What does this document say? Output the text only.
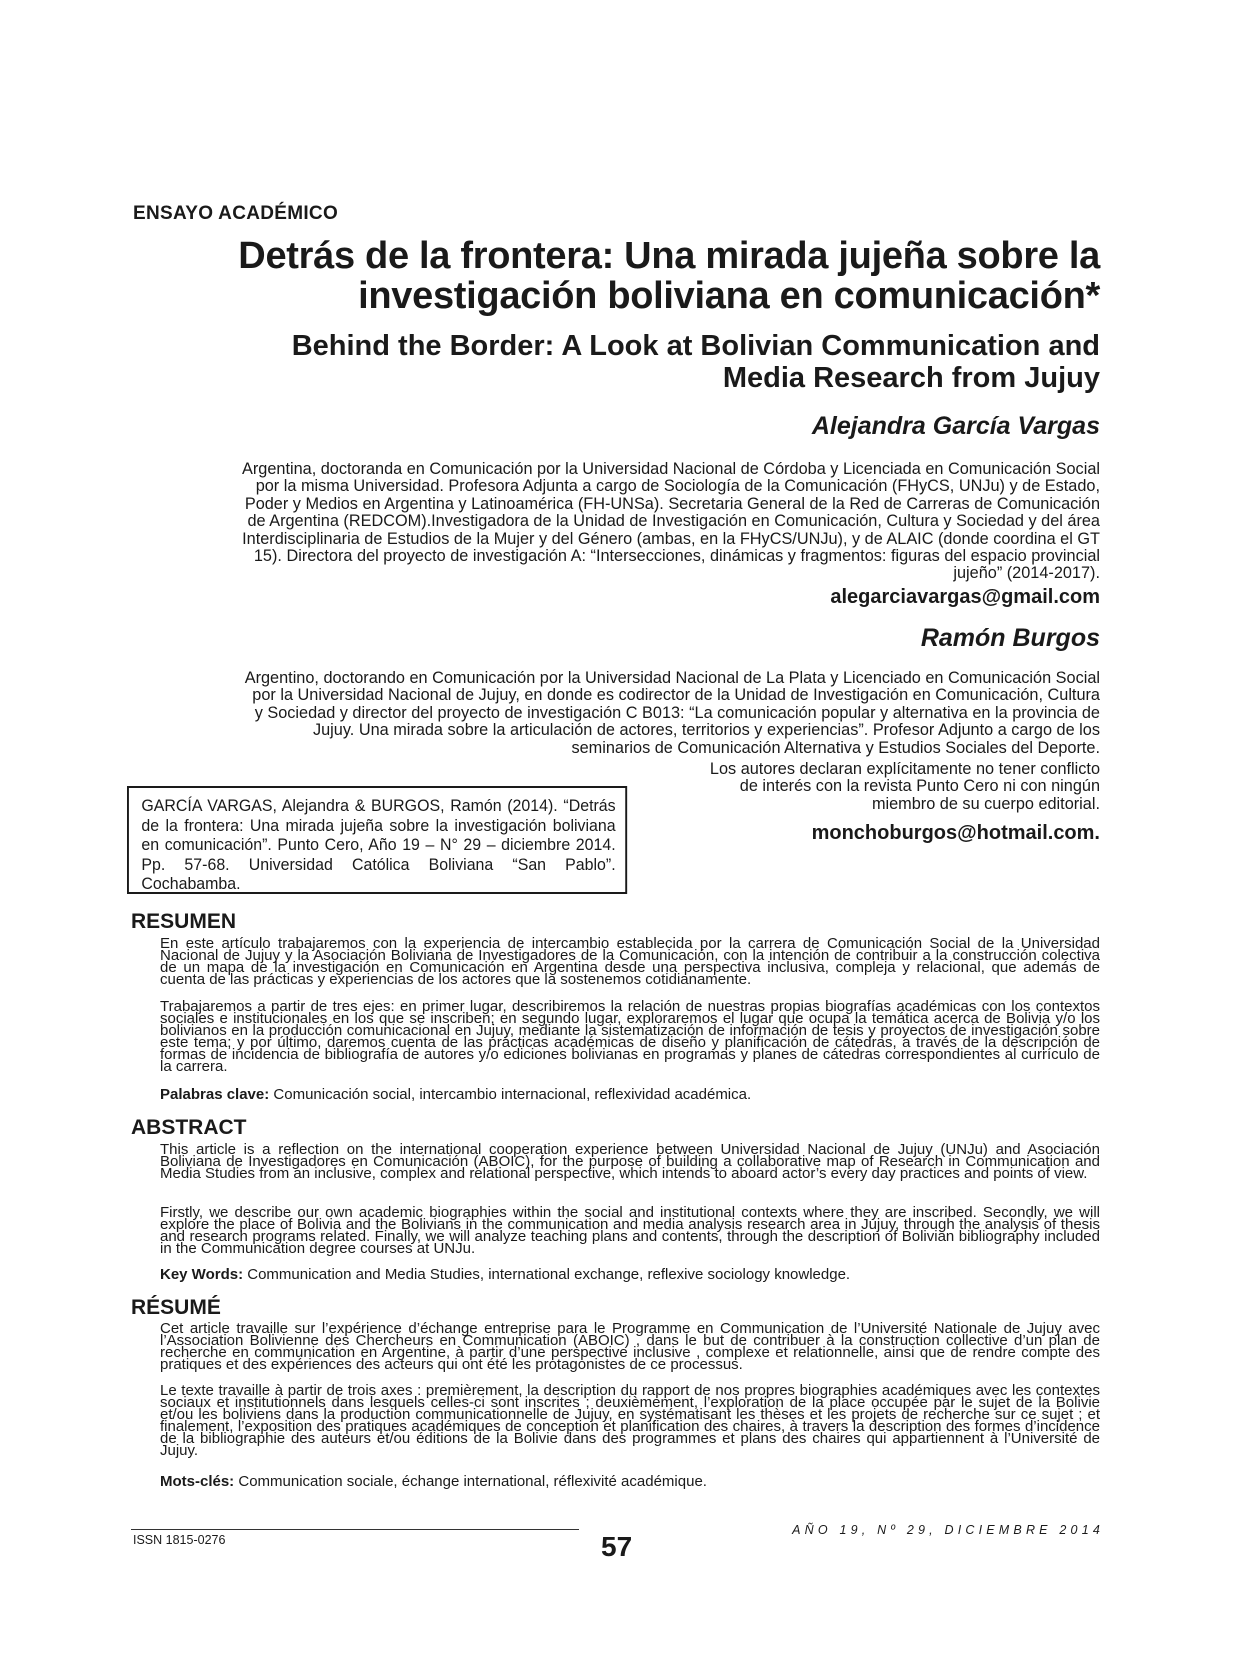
ENSAYO ACADÉMICO
Detrás de la frontera: Una mirada jujeña sobre la
investigación boliviana en comunicación*
Behind the Border: A Look at Bolivian Communication and
Media Research from Jujuy
Alejandra García Vargas
Argentina, doctoranda en Comunicación por la Universidad Nacional de Córdoba y Licenciada en Comunicación Social
por la misma Universidad. Profesora Adjunta a cargo de Sociología de la Comunicación (FHyCS, UNJu) y de Estado,
Poder y Medios en Argentina y Latinoamérica (FH-UNSa). Secretaria General de la Red de Carreras de Comunicación
de Argentina (REDCOM).Investigadora de la Unidad de Investigación en Comunicación, Cultura y Sociedad y del área
Interdisciplinaria de Estudios de la Mujer y del Género (ambas, en la FHyCS/UNJu), y de ALAIC (donde coordina el GT
15). Directora del proyecto de investigación A: “Intersecciones, dinámicas y fragmentos: figuras del espacio provincial
jujeño” (2014-2017).
alegarciavargas@gmail.com
Ramón Burgos
Argentino, doctorando en Comunicación por la Universidad Nacional de La Plata y Licenciado en Comunicación Social
por la Universidad Nacional de Jujuy, en donde es codirector de la Unidad de Investigación en Comunicación, Cultura
y Sociedad y director del proyecto de investigación C B013: “La comunicación popular y alternativa en la provincia de
Jujuy. Una mirada sobre la articulación de actores, territorios y experiencias”. Profesor Adjunto a cargo de los
seminarios de Comunicación Alternativa y Estudios Sociales del Deporte.
Los autores declaran explícitamente no tener conflicto
de interés con la revista Punto Cero ni con ningún
miembro de su cuerpo editorial.
GARCÍA VARGAS, Alejandra & BURGOS, Ramón (2014). “Detrás de la frontera: Una mirada jujeña sobre la investigación boliviana en comunicación”. Punto Cero, Año 19 – N° 29 – diciembre 2014. Pp. 57-68. Universidad Católica Boliviana “San Pablo”. Cochabamba.
monchoburgos@hotmail.com.
RESUMEN
En este artículo trabajaremos con la experiencia de intercambio establecida por la carrera de Comunicación Social de la Universidad Nacional de Jujuy y la Asociación Boliviana de Investigadores de la Comunicación, con la intención de contribuir a la construcción colectiva de un mapa de la investigación en Comunicación en Argentina desde una perspectiva inclusiva, compleja y relacional, que además de cuenta de las prácticas y experiencias de los actores que la sostenemos cotidianamente.
Trabajaremos a partir de tres ejes: en primer lugar, describiremos la relación de nuestras propias biografías académicas con los contextos sociales e institucionales en los que se inscriben; en segundo lugar, exploraremos el lugar que ocupa la temática acerca de Bolivia y/o los bolivianos en la producción comunicacional en Jujuy, mediante la sistematización de información de tesis y proyectos de investigación sobre este tema; y por último, daremos cuenta de las prácticas académicas de diseño y planificación de cátedras, a través de la descripción de formas de incidencia de bibliografía de autores y/o ediciones bolivianas en programas y planes de cátedras correspondientes al currículo de la carrera.
Palabras clave: Comunicación social, intercambio internacional, reflexividad académica.
ABSTRACT
This article is a reflection on the international cooperation experience between Universidad Nacional de Jujuy (UNJu) and Asociación Boliviana de Investigadores en Comunicación (ABOIC), for the purpose of building a collaborative map of Research in Communication and Media Studies from an inclusive, complex and relational perspective, which intends to aboard actor’s every day practices and points of view.
Firstly, we describe our own academic biographies within the social and institutional contexts where they are inscribed. Secondly, we will explore the place of Bolivia and the Bolivians in the communication and media analysis research area in Jujuy, through the analysis of thesis and research programs related. Finally, we will analyze teaching plans and contents, through the description of Bolivian bibliography included in the Communication degree courses at UNJu.
Key Words: Communication and Media Studies, international exchange, reflexive sociology knowledge.
RÉSUMÉ
Cet article travaille sur l’expérience d’échange entreprise para le Programme en Communication de l’Université Nationale de Jujuy avec l’Association Bolivienne des Chercheurs en Communication (ABOIC) , dans le but de contribuer à la construction collective d’un plan de recherche en communication en Argentine, à partir d’une perspective inclusive , complexe et relationnelle, ainsi que de rendre compte des pratiques et des expériences des acteurs qui ont été les protagonistes de ce processus.
Le texte travaille à partir de trois axes : premièrement, la description du rapport de nos propres biographies académiques avec les contextes sociaux et institutionnels dans lesquels celles-ci sont inscrites ; deuxièmement, l’exploration de la place occupée par le sujet de la Bolivie et/ou les boliviens dans la production communicationnelle de Jujuy, en systématisant les thèses et les projets de recherche sur ce sujet ; et finalement, l’exposition des pratiques académiques de conception et planification des chaires, à travers la description des formes d’incidence de la bibliographie des auteurs et/ou éditions de la Bolivie dans des programmes et plans des chaires qui appartiennent à l’Université de Jujuy.
Mots-clés: Communication sociale, échange international, réflexivité académique.
ISSN 1815-0276	57
AÑO 19, Nº 29, DICIEMBRE 2014
